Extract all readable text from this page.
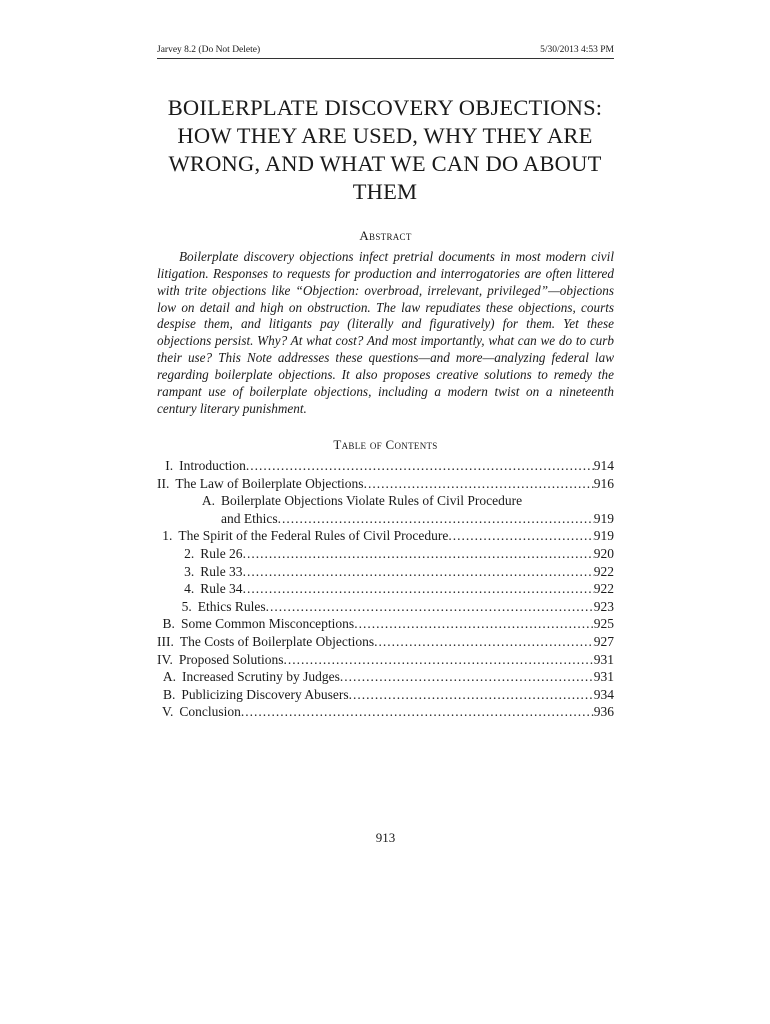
Jarvey 8.2 (Do Not Delete)	5/30/2013 4:53 PM
BOILERPLATE DISCOVERY OBJECTIONS:
HOW THEY ARE USED, WHY THEY ARE
WRONG, AND WHAT WE CAN DO ABOUT
THEM
Abstract

Boilerplate discovery objections infect pretrial documents in most modern civil litigation. Responses to requests for production and interrogatories are often littered with trite objections like “Objection: overbroad, irrelevant, privileged”—objections low on detail and high on obstruction. The law repudiates these objections, courts despise them, and litigants pay (literally and figuratively) for them. Yet these objections persist. Why? At what cost? And most importantly, what can we do to curb their use? This Note addresses these questions—and more—analyzing federal law regarding boilerplate objections. It also proposes creative solutions to remedy the rampant use of boilerplate objections, including a modern twist on a nineteenth century literary punishment.

Table of Contents
I. Introduction .....	914
II. The Law of Boilerplate Objections .....	916
A. Boilerplate Objections Violate Rules of Civil Procedure
and Ethics .....	919
1. The Spirit of the Federal Rules of Civil Procedure .....	919
2. Rule 26 .....	920
3. Rule 33 .....	922
4. Rule 34 .....	922
5. Ethics Rules .....	923
B. Some Common Misconceptions .....	925
III. The Costs of Boilerplate Objections .....	927
IV. Proposed Solutions .....	931
A. Increased Scrutiny by Judges .....	931
B. Publicizing Discovery Abusers .....	934
V. Conclusion .....	936
913
